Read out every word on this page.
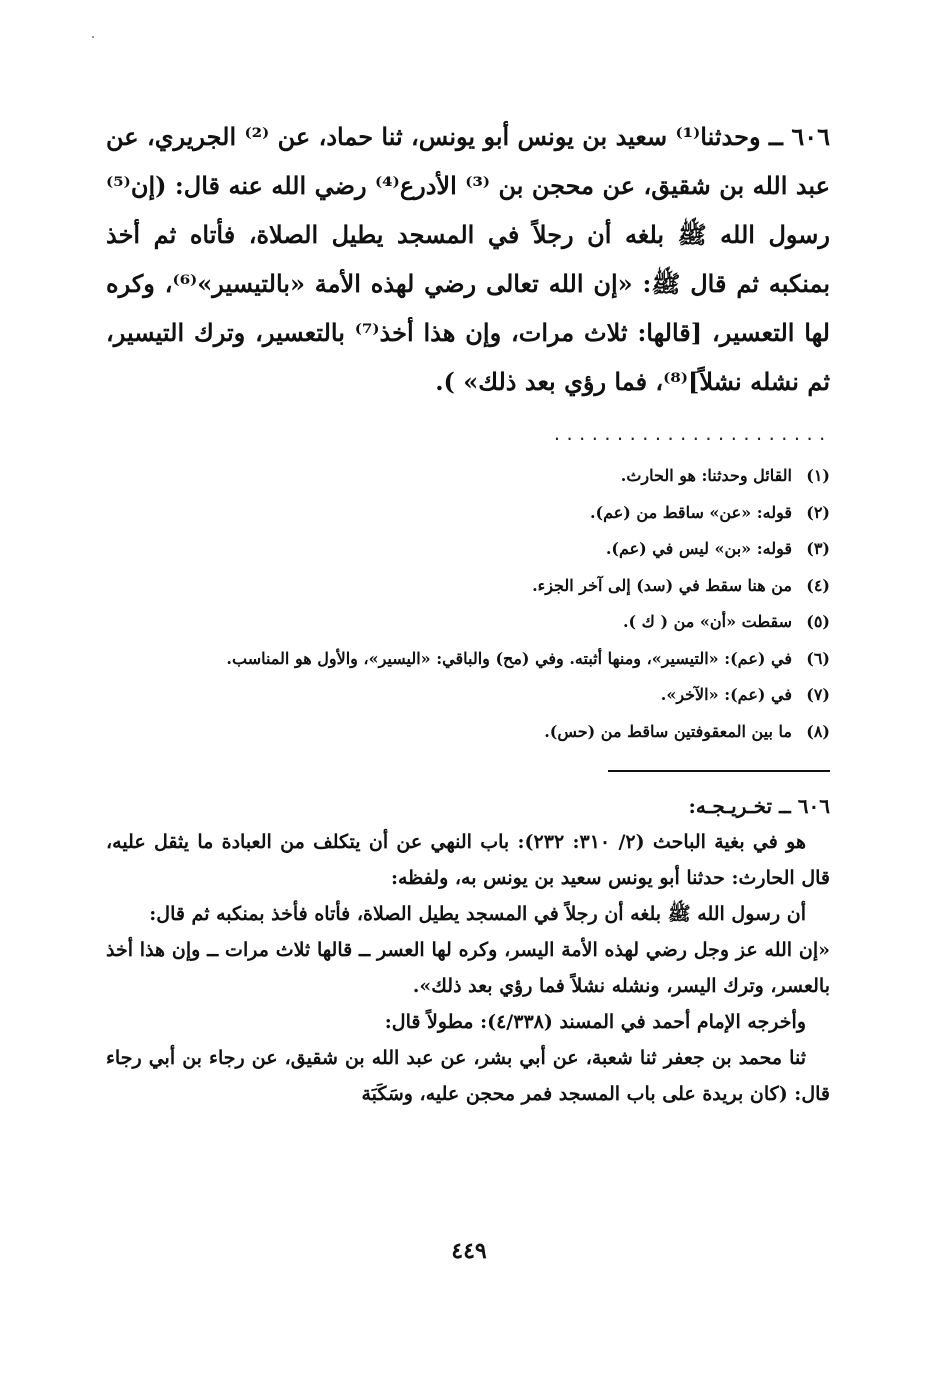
٦٠٦ ــ وحدثنا⁽¹⁾ سعيد بن يونس أبو يونس، ثنا حماد، عن ⁽²⁾ الجريري، عن عبد الله بن شقيق، عن محجن بن ⁽³⁾ الأدرع⁽⁴⁾ رضي الله عنه قال: (إن⁽⁵⁾ رسول الله ﷺ بلغه أن رجلاً في المسجد يطيل الصلاة، فأتاه ثم أخذ بمنكبه ثم قال ﷺ: «إن الله تعالى رضي لهذه الأمة «بالتيسير»⁽⁶⁾، وكره لها التعسير، [قالها: ثلاث مرات، وإن هذا أخذ⁽⁷⁾ بالتعسير، وترك التيسير، ثم نشله نشلاً]⁽⁸⁾، فما رؤي بعد ذلك» ).

......................
(١)
القائل وحدثنا: هو الحارث.
(٢)
قوله: «عن» ساقط من (عم).
(٣)
قوله: «بن» ليس في (عم).
(٤)
من هنا سقط في (سد) إلى آخر الجزء.
(٥)
سقطت «أن» من ( ك ).
(٦)
في (عم): «التيسير»، ومنها أثبته. وفي (مح) والباقي: «اليسير»، والأول هو المناسب.
(٧)
في (عم): «الآخر».
(٨)
ما بين المعقوفتين ساقط من (حس).

٦٠٦ ــ تخـريـجـه:

هو في بغية الباحث (٢/ ٣١٠: ٢٣٢): باب النهي عن أن يتكلف من العبادة ما يثقل عليه، قال الحارث: حدثنا أبو يونس سعيد بن يونس به، ولفظه:

أن رسول الله ﷺ بلغه أن رجلاً في المسجد يطيل الصلاة، فأتاه فأخذ بمنكبه ثم قال:

«إن الله عز وجل رضي لهذه الأمة اليسر، وكره لها العسر ــ قالها ثلاث مرات ــ وإن هذا أخذ بالعسر، وترك اليسر، ونشله نشلاً فما رؤي بعد ذلك».

وأخرجه الإمام أحمد في المسند (٤/٣٣٨): مطولاً قال:

ثنا محمد بن جعفر ثنا شعبة، عن أبي بشر، عن عبد الله بن شقيق، عن رجاء بن أبي رجاء قال: (كان بريدة على باب المسجد فمر محجن عليه، وسَكَبَة

٤٤٩
